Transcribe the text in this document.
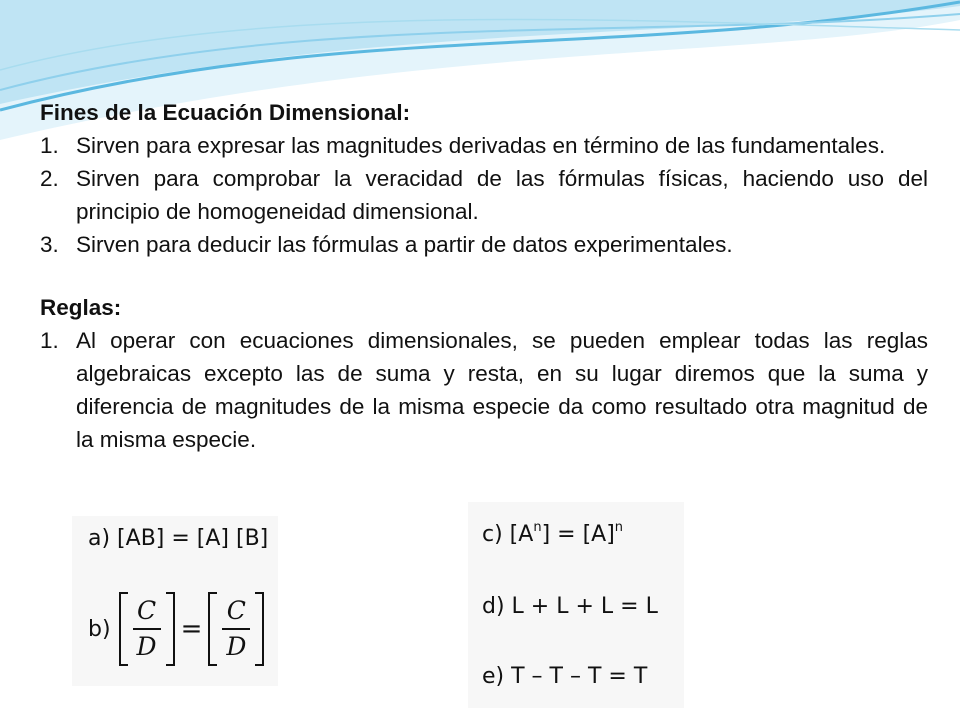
Fines de la Ecuación Dimensional:

1. Sirven para expresar las magnitudes derivadas en término de las fundamentales.
2. Sirven para comprobar la veracidad de las fórmulas físicas, haciendo uso del principio de homogeneidad dimensional.
3. Sirven para deducir las fórmulas a partir de datos experimentales.

Reglas:

1. Al operar con ecuaciones dimensionales, se pueden emplear todas las reglas algebraicas excepto las de suma y resta, en su lugar diremos que la suma y diferencia de magnitudes de la misma especie da como resultado otra magnitud de la misma especie.
a) [AB] = [A] [B]
$b) \frac{C}{D} = \frac{C}{D}$
c) $[A^n] = [A]^n$
d) L + L + L = L
e) T – T – T = T
